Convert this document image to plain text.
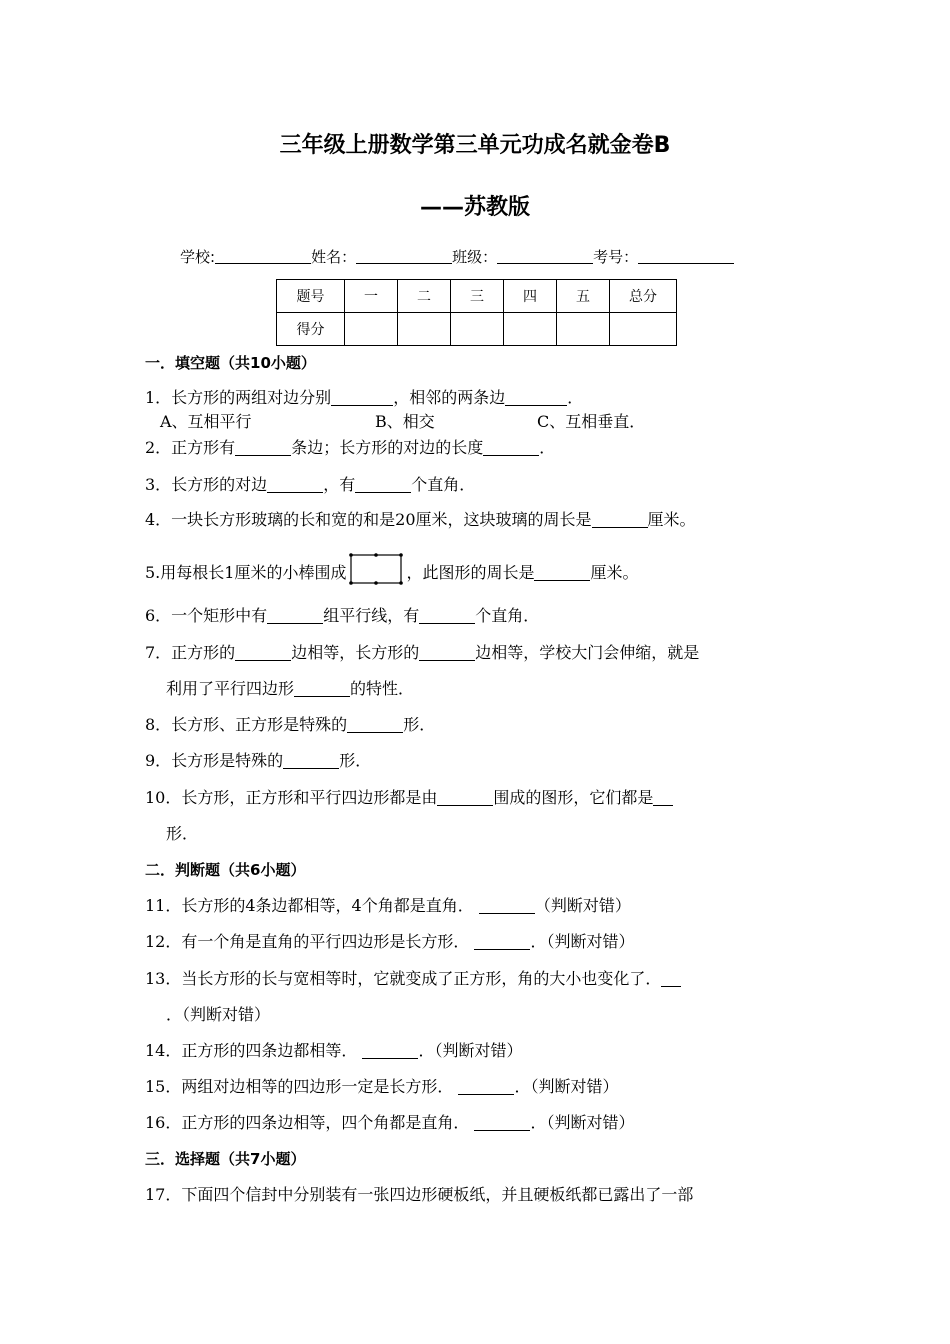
三年级上册数学第三单元功成名就金卷B
——苏教版
学校:	姓名：	班级：	考号：
题号	一	二	三	四	五	总分
得分						
一．填空题（共10小题）
1．长方形的两组对边分别	，相邻的两条边	．
A、互相平行	B、相交	C、互相垂直．
2．正方形有	条边；长方形的对边的长度	．
3．长方形的对边	，有	个直角．
4．一块长方形玻璃的长和宽的和是20厘米，这块玻璃的周长是	厘米。
5.用每根长1厘米的小棒围成	，此图形的周长是	厘米。
6．一个矩形中有	组平行线，有	个直角．
7．正方形的	边相等，长方形的	边相等，学校大门会伸缩，就是
利用了平行四边形	的特性．
8．长方形、正方形是特殊的	形．
9．长方形是特殊的	形．
10．长方形，正方形和平行四边形都是由	围成的图形，它们都是
形．
二．判断题（共6小题）
11．长方形的4条边都相等，4个角都是直角．	（判断对错）
12．有一个角是直角的平行四边形是长方形．	．（判断对错）
13．当长方形的长与宽相等时，它就变成了正方形，角的大小也变化了．
．（判断对错）
14．正方形的四条边都相等．	．（判断对错）
15．两组对边相等的四边形一定是长方形．	．（判断对错）
16．正方形的四条边相等，四个角都是直角．	．（判断对错）
三．选择题（共7小题）
17．下面四个信封中分别装有一张四边形硬板纸，并且硬板纸都已露出了一部
